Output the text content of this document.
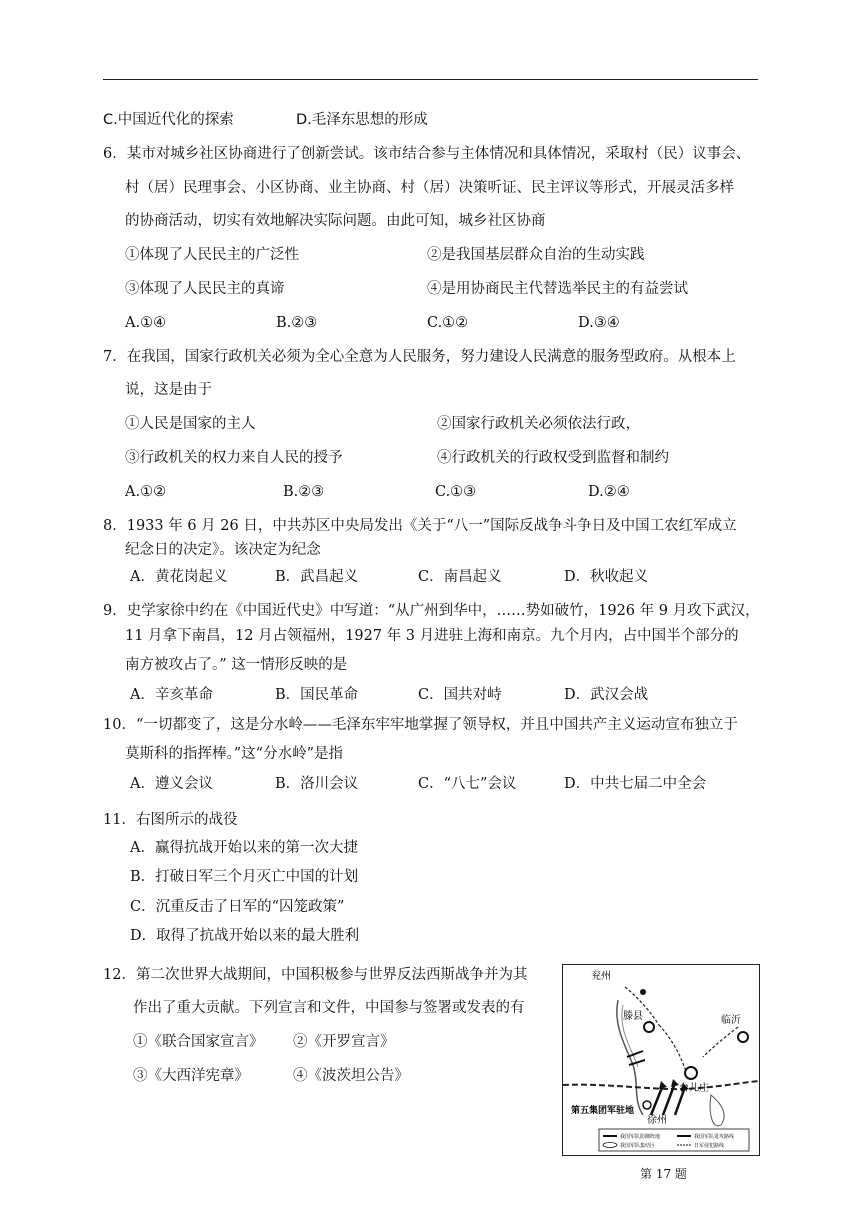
C.中国近代化的探索	D.毛泽东思想的形成
6．某市对城乡社区协商进行了创新尝试。该市结合参与主体情况和具体情况，采取村（民）议事会、
村（居）民理事会、小区协商、业主协商、村（居）决策听证、民主评议等形式，开展灵活多样
的协商活动，切实有效地解决实际问题。由此可知，城乡社区协商
①体现了人民民主的广泛性	②是我国基层群众自治的生动实践
③体现了人民民主的真谛	④是用协商民主代替选举民主的有益尝试
A.①④	B.②③	C.①②	D.③④
7．在我国，国家行政机关必须为全心全意为人民服务，努力建设人民满意的服务型政府。从根本上
说，这是由于
①人民是国家的主人	②国家行政机关必须依法行政，
③行政机关的权力来自人民的授予	④行政机关的行政权受到监督和制约
A.①②	B.②③	C.①③	D.②④
8．1933 年 6 月 26 日，中共苏区中央局发出《关于“八一”国际反战争斗争日及中国工农红军成立
纪念日的决定》。该决定为纪念
A．黄花岗起义	B．武昌起义	C．南昌起义	D．秋收起义
9．史学家徐中约在《中国近代史》中写道：“从广州到华中，……势如破竹，1926 年 9 月攻下武汉，
11 月拿下南昌，12 月占领福州，1927 年 3 月进驻上海和南京。九个月内，占中国半个部分的
南方被攻占了。” 这一情形反映的是
A．辛亥革命	B．国民革命	C．国共对峙	D．武汉会战
10．“一切都变了，这是分水岭——毛泽东牢牢地掌握了领导权，并且中国共产主义运动宣布独立于
莫斯科的指挥棒。”这“分水岭”是指
A．遵义会议	B．洛川会议	C．“八七”会议	D．中共七届二中全会
11．右图所示的战役
A．赢得抗战开始以来的第一次大捷
B．打破日军三个月灭亡中国的计划
C．沉重反击了日军的“囚笼政策”
D．取得了抗战开始以来的最大胜利
12．第二次世界大战期间，中国积极参与世界反法西斯战争并为其
作出了重大贡献。下列宣言和文件，中国参与签署或发表的有
①《联合国家宣言》 ②《开罗宣言》
③《大西洋宪章》	④《波茨坦公告》
兖州
滕县	临沂
台儿庄
徐州
第五集团军驻地
我国军队防御阵地	我国军队进攻路线
我国军队集结区	日军侵犯路线
第 17 题
